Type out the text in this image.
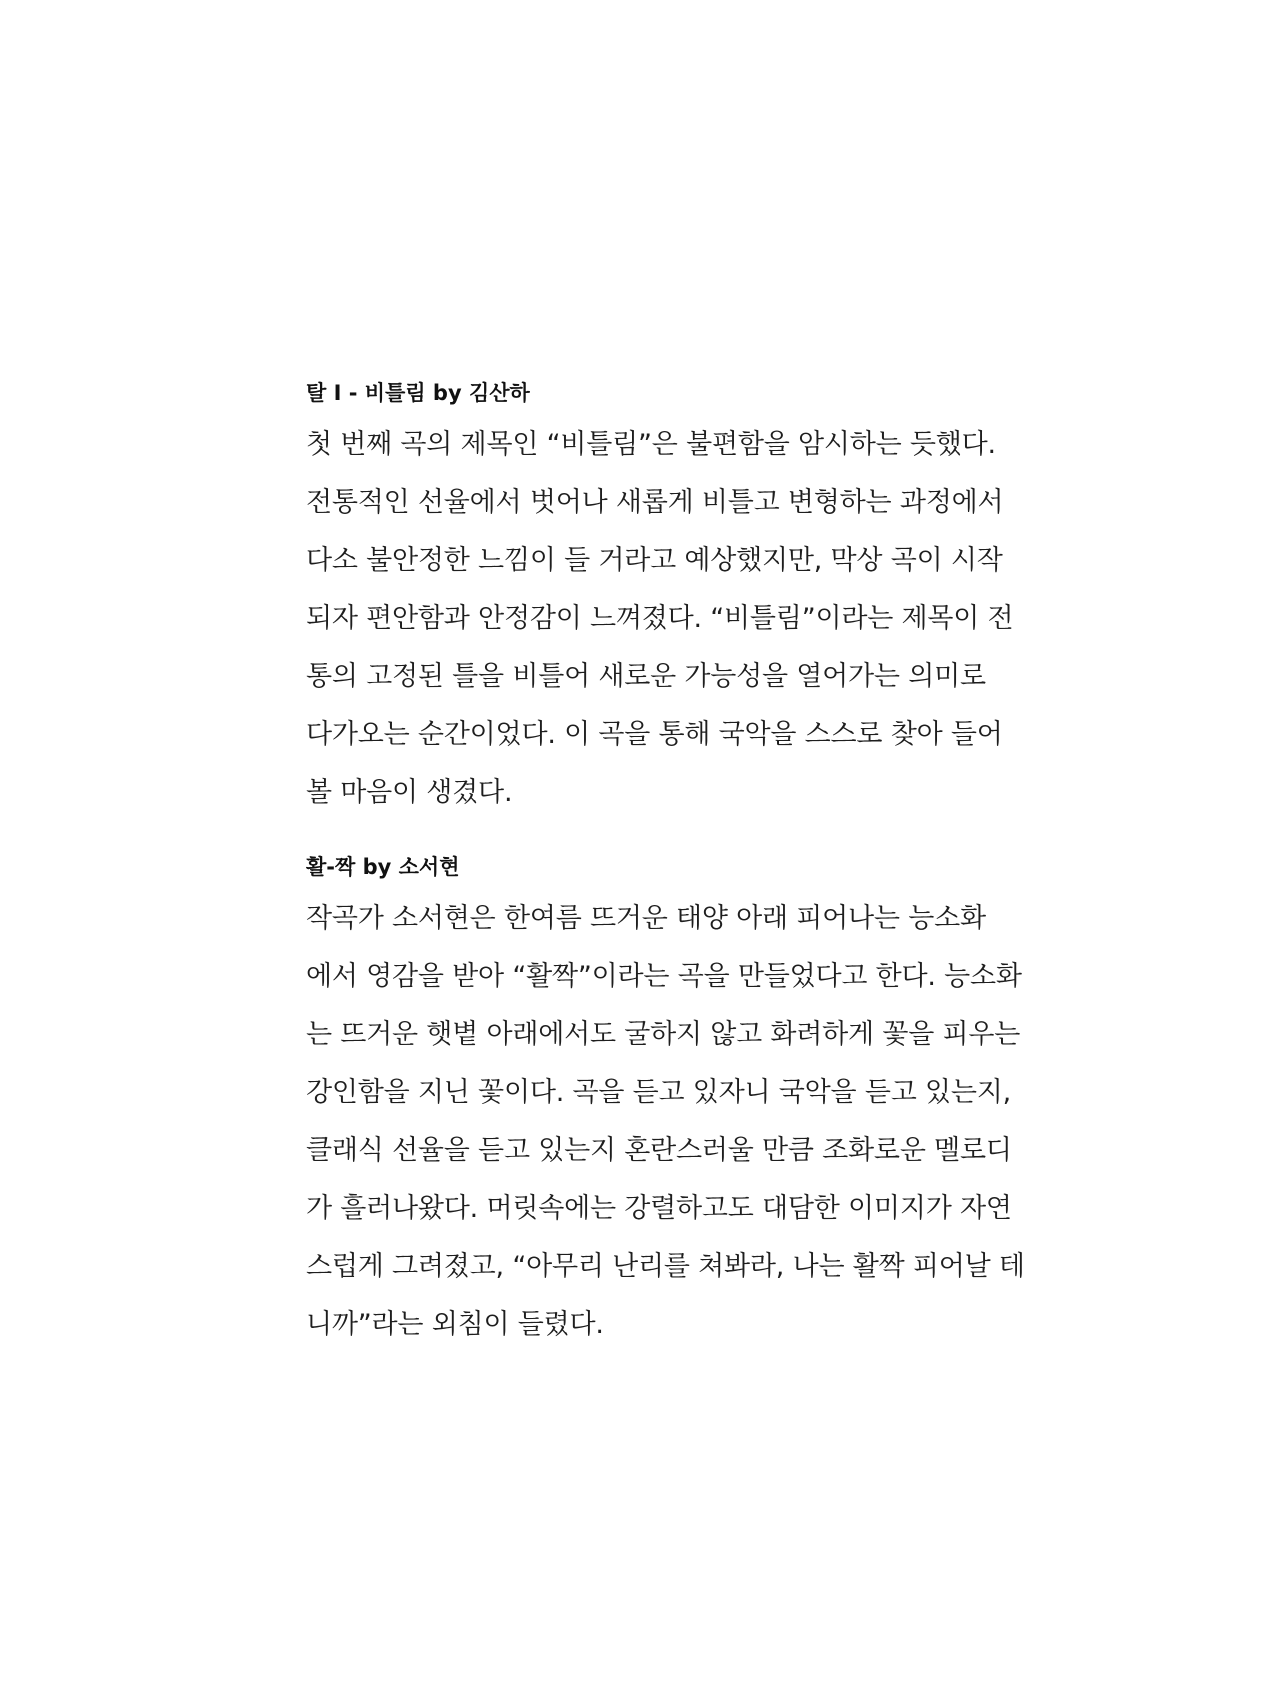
탈 I - 비틀림 by 김산하
첫 번째 곡의 제목인 “비틀림”은 불편함을 암시하는 듯했다.
전통적인 선율에서 벗어나 새롭게 비틀고 변형하는 과정에서
다소 불안정한 느낌이 들 거라고 예상했지만, 막상 곡이 시작
되자 편안함과 안정감이 느껴졌다. “비틀림”이라는 제목이 전
통의 고정된 틀을 비틀어 새로운 가능성을 열어가는 의미로
다가오는 순간이었다. 이 곡을 통해 국악을 스스로 찾아 들어
볼 마음이 생겼다.
활-짝 by 소서현
작곡가 소서현은 한여름 뜨거운 태양 아래 피어나는 능소화
에서 영감을 받아 “활짝”이라는 곡을 만들었다고 한다. 능소화
는 뜨거운 햇볕 아래에서도 굴하지 않고 화려하게 꽃을 피우는
강인함을 지닌 꽃이다. 곡을 듣고 있자니 국악을 듣고 있는지,
클래식 선율을 듣고 있는지 혼란스러울 만큼 조화로운 멜로디
가 흘러나왔다. 머릿속에는 강렬하고도 대담한 이미지가 자연
스럽게 그려졌고, “아무리 난리를 쳐봐라, 나는 활짝 피어날 테
니까”라는 외침이 들렸다.
